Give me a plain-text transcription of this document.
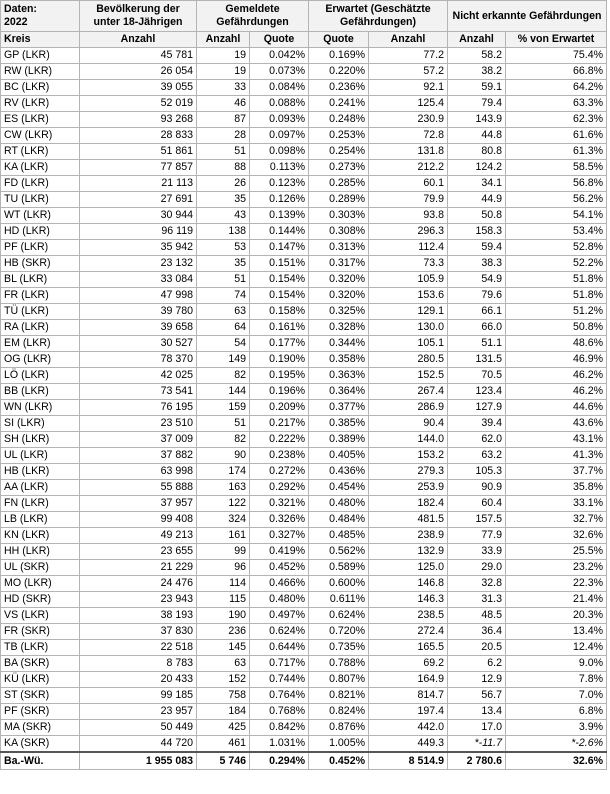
Daten:
2022	Bevölkerung der unter 18-Jährigen	Gemeldete Gefährdungen		Erwartet (Geschätzte Gefährdungen)		Nicht erkannte Gefährdungen	
Kreis	Anzahl	Anzahl	Quote	Quote	Anzahl	Anzahl	% von Erwartet
GP (LKR)	45 781	19	0.042%	0.169%	77.2	58.2	75.4%
RW (LKR)	26 054	19	0.073%	0.220%	57.2	38.2	66.8%
BC (LKR)	39 055	33	0.084%	0.236%	92.1	59.1	64.2%
RV (LKR)	52 019	46	0.088%	0.241%	125.4	79.4	63.3%
ES (LKR)	93 268	87	0.093%	0.248%	230.9	143.9	62.3%
CW (LKR)	28 833	28	0.097%	0.253%	72.8	44.8	61.6%
RT (LKR)	51 861	51	0.098%	0.254%	131.8	80.8	61.3%
KA (LKR)	77 857	88	0.113%	0.273%	212.2	124.2	58.5%
FD (LKR)	21 113	26	0.123%	0.285%	60.1	34.1	56.8%
TU (LKR)	27 691	35	0.126%	0.289%	79.9	44.9	56.2%
WT (LKR)	30 944	43	0.139%	0.303%	93.8	50.8	54.1%
HD (LKR)	96 119	138	0.144%	0.308%	296.3	158.3	53.4%
PF (LKR)	35 942	53	0.147%	0.313%	112.4	59.4	52.8%
HB (SKR)	23 132	35	0.151%	0.317%	73.3	38.3	52.2%
BL (LKR)	33 084	51	0.154%	0.320%	105.9	54.9	51.8%
FR (LKR)	47 998	74	0.154%	0.320%	153.6	79.6	51.8%
TÜ (LKR)	39 780	63	0.158%	0.325%	129.1	66.1	51.2%
RA (LKR)	39 658	64	0.161%	0.328%	130.0	66.0	50.8%
EM (LKR)	30 527	54	0.177%	0.344%	105.1	51.1	48.6%
OG (LKR)	78 370	149	0.190%	0.358%	280.5	131.5	46.9%
LÖ (LKR)	42 025	82	0.195%	0.363%	152.5	70.5	46.2%
BB (LKR)	73 541	144	0.196%	0.364%	267.4	123.4	46.2%
WN (LKR)	76 195	159	0.209%	0.377%	286.9	127.9	44.6%
SI (LKR)	23 510	51	0.217%	0.385%	90.4	39.4	43.6%
SH (LKR)	37 009	82	0.222%	0.389%	144.0	62.0	43.1%
UL (LKR)	37 882	90	0.238%	0.405%	153.2	63.2	41.3%
HB (LKR)	63 998	174	0.272%	0.436%	279.3	105.3	37.7%
AA (LKR)	55 888	163	0.292%	0.454%	253.9	90.9	35.8%
FN (LKR)	37 957	122	0.321%	0.480%	182.4	60.4	33.1%
LB (LKR)	99 408	324	0.326%	0.484%	481.5	157.5	32.7%
KN (LKR)	49 213	161	0.327%	0.485%	238.9	77.9	32.6%
HH (LKR)	23 655	99	0.419%	0.562%	132.9	33.9	25.5%
UL (SKR)	21 229	96	0.452%	0.589%	125.0	29.0	23.2%
MO (LKR)	24 476	114	0.466%	0.600%	146.8	32.8	22.3%
HD (SKR)	23 943	115	0.480%	0.611%	146.3	31.3	21.4%
VS (LKR)	38 193	190	0.497%	0.624%	238.5	48.5	20.3%
FR (SKR)	37 830	236	0.624%	0.720%	272.4	36.4	13.4%
TB (LKR)	22 518	145	0.644%	0.735%	165.5	20.5	12.4%
BA (SKR)	8 783	63	0.717%	0.788%	69.2	6.2	9.0%
KÜ (LKR)	20 433	152	0.744%	0.807%	164.9	12.9	7.8%
ST (SKR)	99 185	758	0.764%	0.821%	814.7	56.7	7.0%
PF (SKR)	23 957	184	0.768%	0.824%	197.4	13.4	6.8%
MA (SKR)	50 449	425	0.842%	0.876%	442.0	17.0	3.9%
KA (SKR)	44 720	461	1.031%	1.005%	449.3	*-11.7	*-2.6%
Ba.-Wü.	1 955 083	5 746	0.294%	0.452%	8 514.9	2 780.6	32.6%
